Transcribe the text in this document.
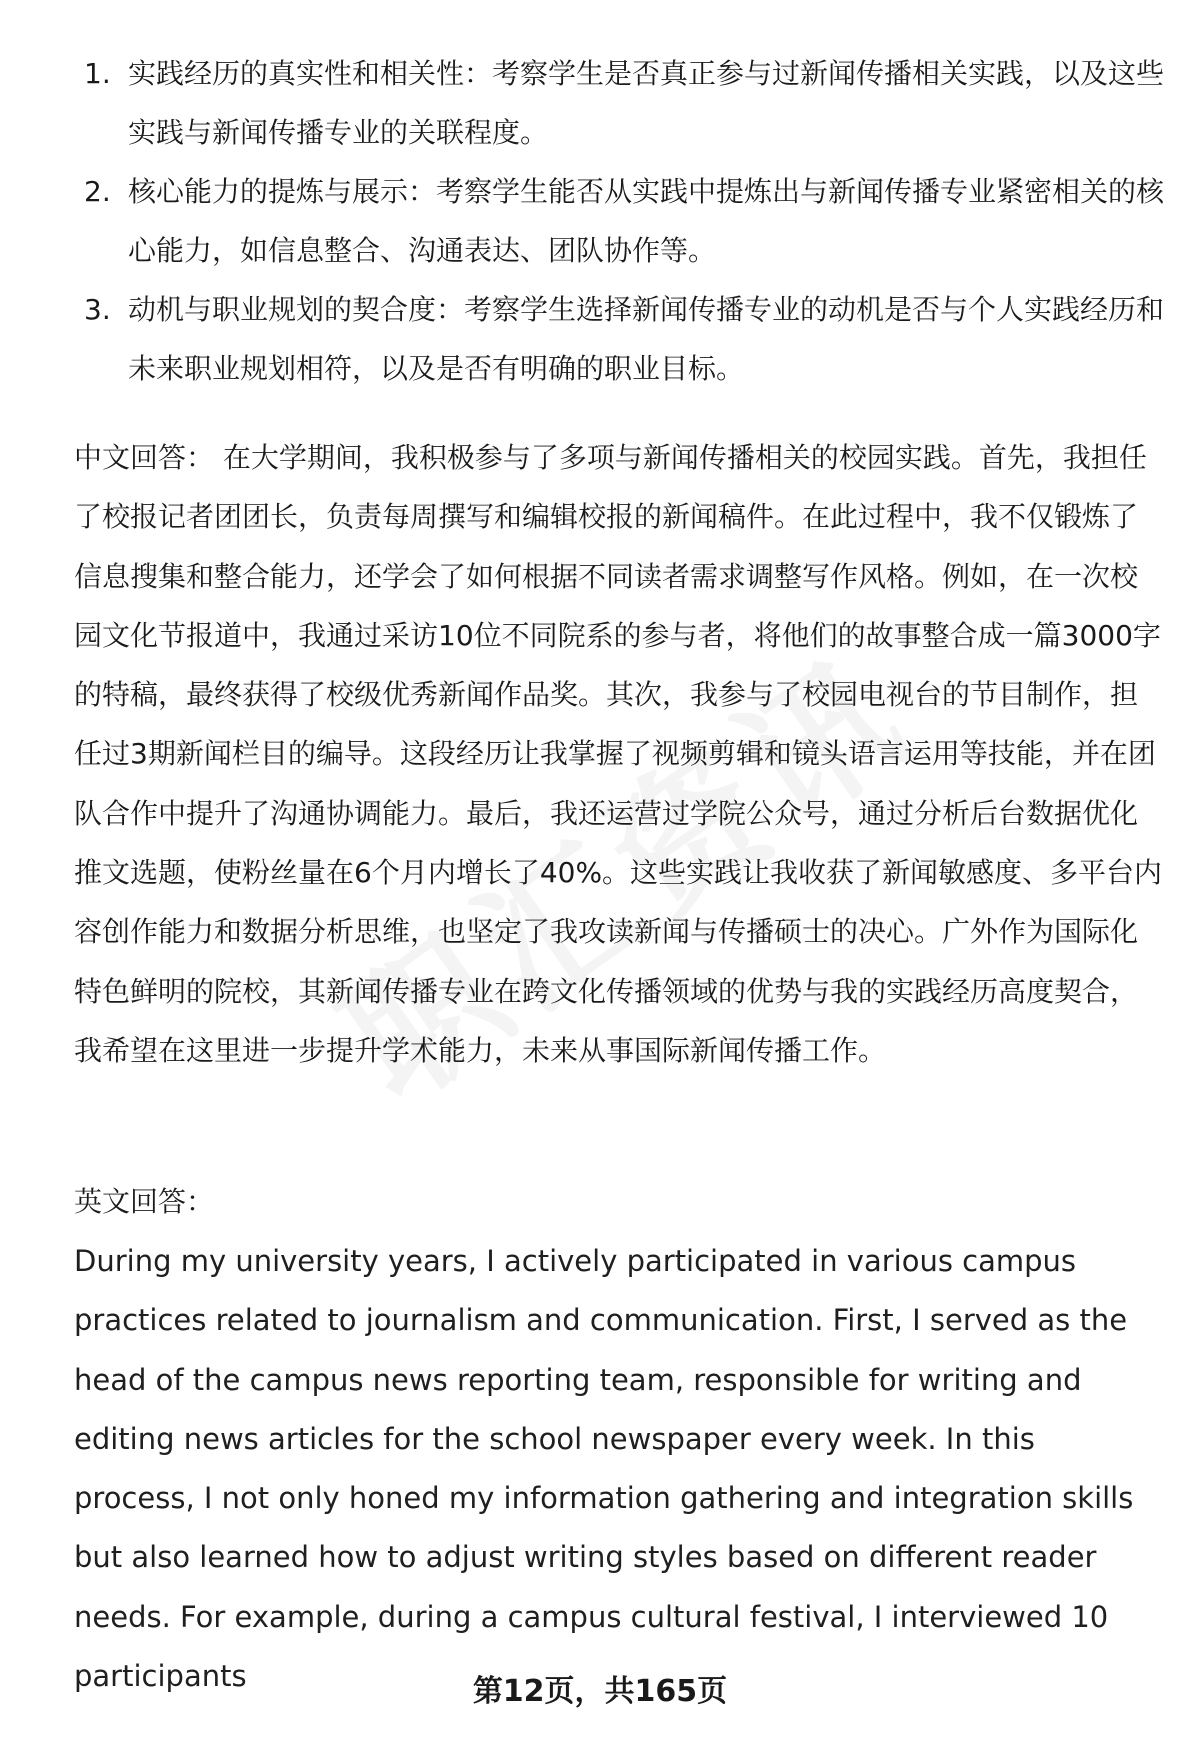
1. 实践经历的真实性和相关性：考察学生是否真正参与过新闻传播相关实践，以及这些实践与新闻传播专业的关联程度。
2. 核心能力的提炼与展示：考察学生能否从实践中提炼出与新闻传播专业紧密相关的核心能力，如信息整合、沟通表达、团队协作等。
3. 动机与职业规划的契合度：考察学生选择新闻传播专业的动机是否与个人实践经历和未来职业规划相符，以及是否有明确的职业目标。

中文回答： 在大学期间，我积极参与了多项与新闻传播相关的校园实践。首先，我担任了校报记者团团长，负责每周撰写和编辑校报的新闻稿件。在此过程中，我不仅锻炼了信息搜集和整合能力，还学会了如何根据不同读者需求调整写作风格。例如，在一次校园文化节报道中，我通过采访10位不同院系的参与者，将他们的故事整合成一篇3000字的特稿，最终获得了校级优秀新闻作品奖。其次，我参与了校园电视台的节目制作，担任过3期新闻栏目的编导。这段经历让我掌握了视频剪辑和镜头语言运用等技能，并在团队合作中提升了沟通协调能力。最后，我还运营过学院公众号，通过分析后台数据优化推文选题，使粉丝量在6个月内增长了40%。这些实践让我收获了新闻敏感度、多平台内容创作能力和数据分析思维，也坚定了我攻读新闻与传播硕士的决心。广外作为国际化特色鲜明的院校，其新闻传播专业在跨文化传播领域的优势与我的实践经历高度契合，我希望在这里进一步提升学术能力，未来从事国际新闻传播工作。

英文回答：

During my university years, I actively participated in various campus practices related to journalism and communication. First, I served as the head of the campus news reporting team, responsible for writing and editing news articles for the school newspaper every week. In this process, I not only honed my information gathering and integration skills but also learned how to adjust writing styles based on different reader needs. For example, during a campus cultural festival, I interviewed 10 participants	第12页，共165页
